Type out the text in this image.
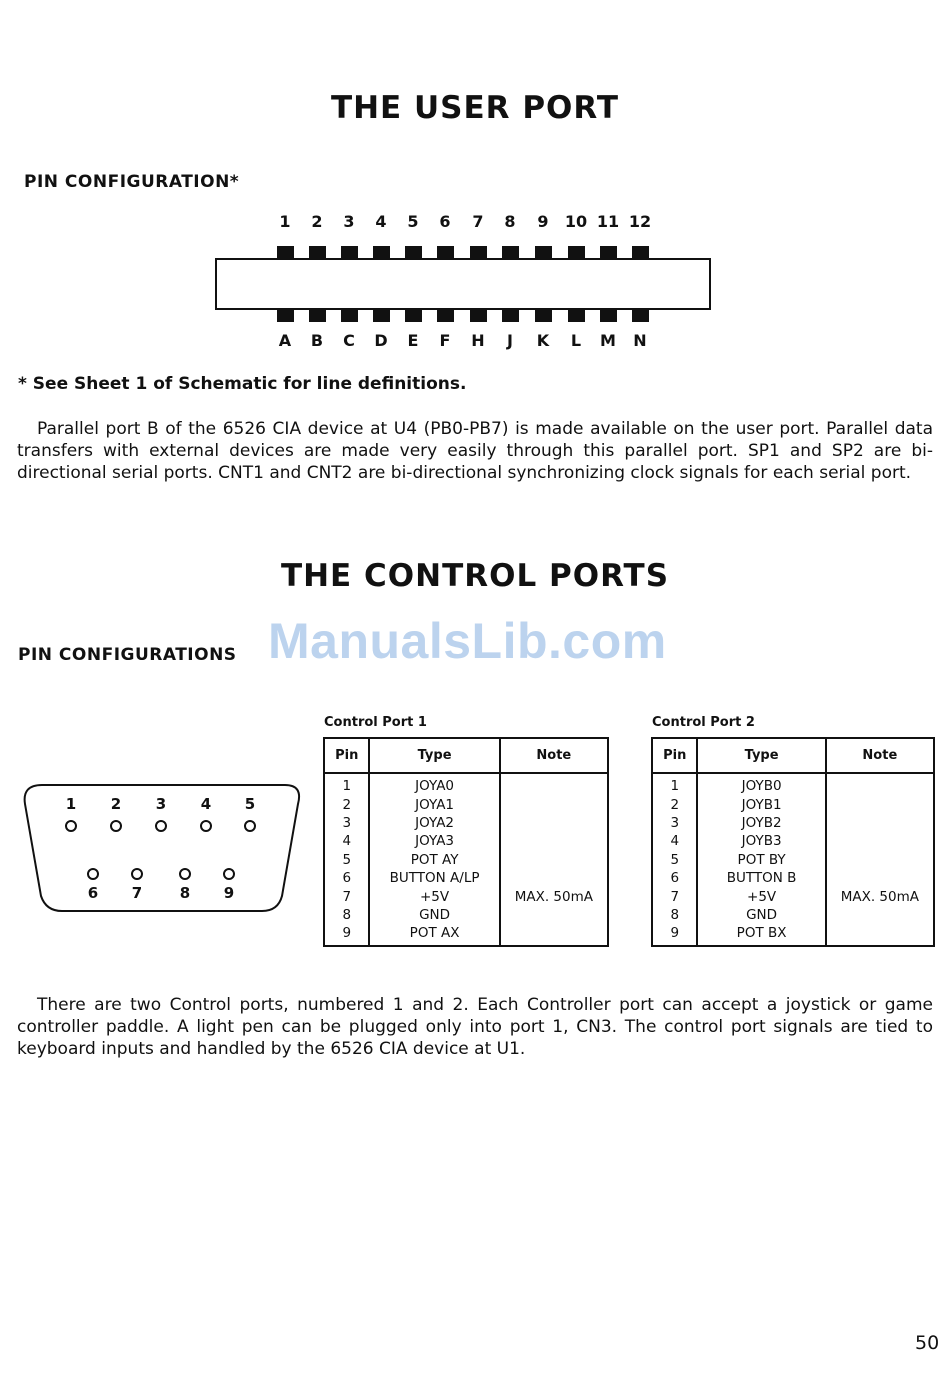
THE USER PORT
PIN CONFIGURATION*
1	2	3	4	5	6	7	8	9	10 11 12
A	B	C	D	E	F	H	J	K	L	M	N
* See Sheet 1 of Schematic for line definitions.
Parallel port B of the 6526 CIA device at U4 (PB0-PB7) is made available on the user port. Parallel data transfers with external devices are made very easily through this parallel port. SP1 and SP2 are bi-directional serial ports. CNT1 and CNT2 are bi-directional synchronizing clock signals for each serial port.
THE CONTROL PORTS
PIN CONFIGURATIONS ManualsLib.com
1	2	3	4	5
6	7	8	9
Control Port 1	Control Port 2
Pin	Type	Note
1	JOYA0	
2	JOYA1	
3	JOYA2	
4	JOYA3	
5	POT AY	
6	BUTTON A/LP	
7	+5V	MAX. 50mA
8	GND	
9	POT AX	
Pin	Type	Note
1	JOYB0	
2	JOYB1	
3	JOYB2	
4	JOYB3	
5	POT BY	
6	BUTTON B	
7	+5V	MAX. 50mA
8	GND	
9	POT BX	
There are two Control ports, numbered 1 and 2. Each Controller port can accept a joystick or game controller paddle. A light pen can be plugged only into port 1, CN3. The control port signals are tied to keyboard inputs and handled by the 6526 CIA device at U1.
50
